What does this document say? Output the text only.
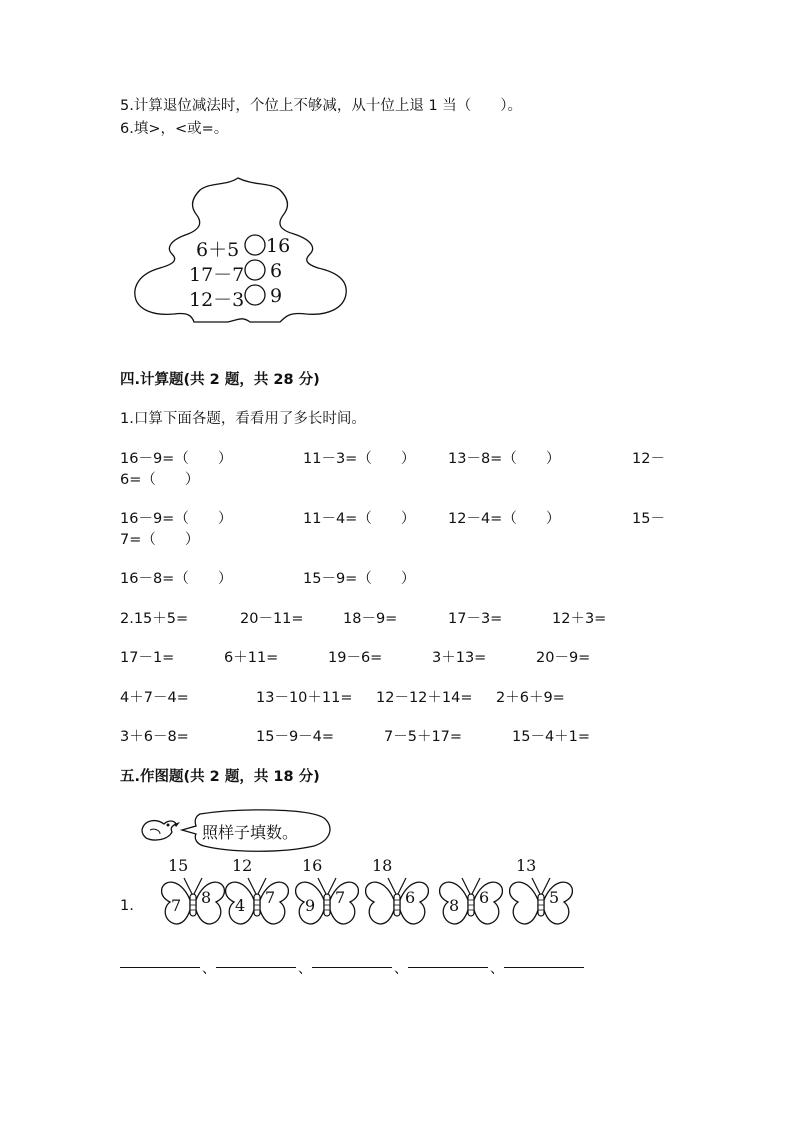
5.计算退位减法时，个位上不够减，从十位上退 1 当（　　）。
6.填>，<或=。
6＋5 16
17－7 6
12－3 9
四.计算题(共 2 题，共 28 分)
1.口算下面各题，看看用了多长时间。
16－9=（　　）	11－3=（　　） 13－8=（　　）	12－
6=（　　）
16－9=（　　）	11－4=（　　） 12－4=（　　）	15－
7=（　　）
16－8=（　　）	15－9=（　　）
2.15＋5=	20－11=	18－9=	17－3=	12＋3=
17－1=	6＋11=	19－6=	3＋13=	20－9=
4＋7－4=	13－10＋11= 12－12＋14= 2＋6＋9=
3＋6－8=	15－9－4=	7－5＋17=	15－4＋1=
五.作图题(共 2 题，共 18 分)
照样子填数。
1.
15
7 8
12
4 7
16
9 7
18
6 8 6
13
5
、	、	、	、
